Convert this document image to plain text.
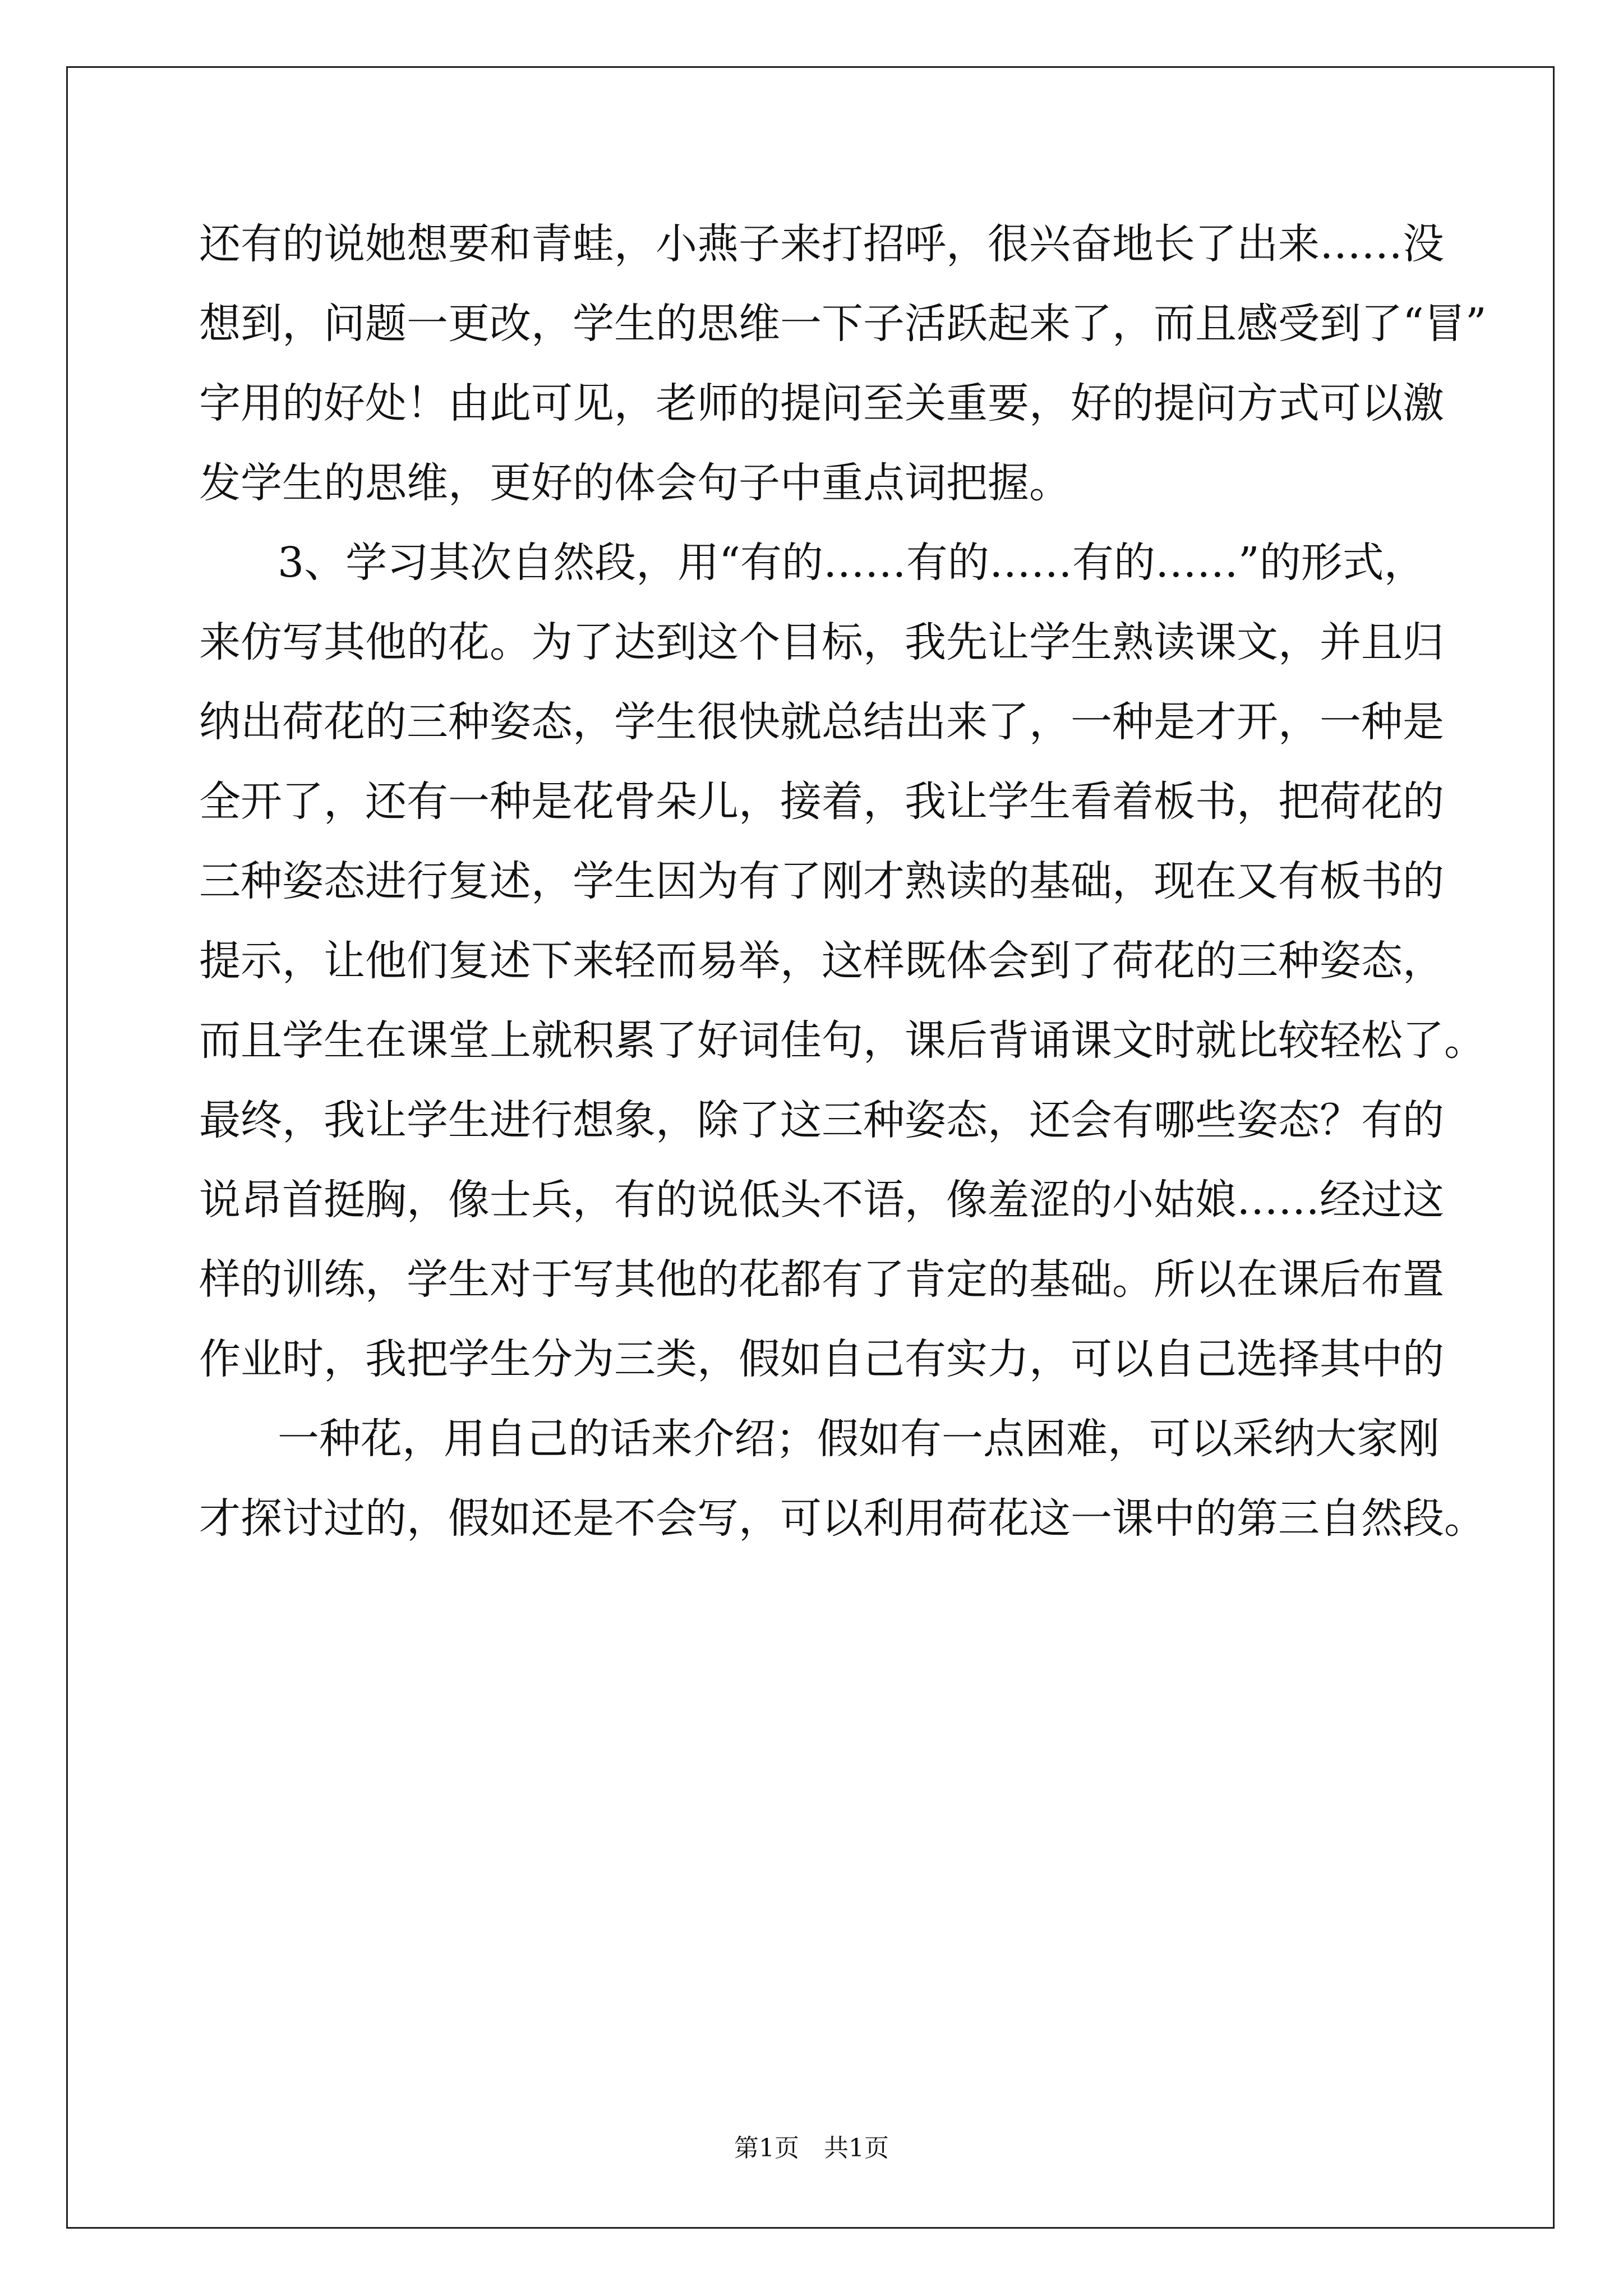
还有的说她想要和青蛙，小燕子来打招呼，很兴奋地长了出来……没
想到，问题一更改，学生的思维一下子活跃起来了，而且感受到了“冒”
字用的好处！由此可见，老师的提问至关重要，好的提问方式可以激
发学生的思维，更好的体会句子中重点词把握。
3、学习其次自然段，用“有的……有的……有的……”的形式，
来仿写其他的花。为了达到这个目标，我先让学生熟读课文，并且归
纳出荷花的三种姿态，学生很快就总结出来了，一种是才开，一种是
全开了，还有一种是花骨朵儿，接着，我让学生看着板书，把荷花的
三种姿态进行复述，学生因为有了刚才熟读的基础，现在又有板书的
提示，让他们复述下来轻而易举，这样既体会到了荷花的三种姿态，
而且学生在课堂上就积累了好词佳句，课后背诵课文时就比较轻松了。
最终，我让学生进行想象，除了这三种姿态，还会有哪些姿态？有的
说昂首挺胸，像士兵，有的说低头不语，像羞涩的小姑娘……经过这
样的训练，学生对于写其他的花都有了肯定的基础。所以在课后布置
作业时，我把学生分为三类，假如自己有实力，可以自己选择其中的
一种花，用自己的话来介绍；假如有一点困难，可以采纳大家刚
才探讨过的，假如还是不会写，可以利用荷花这一课中的第三自然段。
第1页　共1页
